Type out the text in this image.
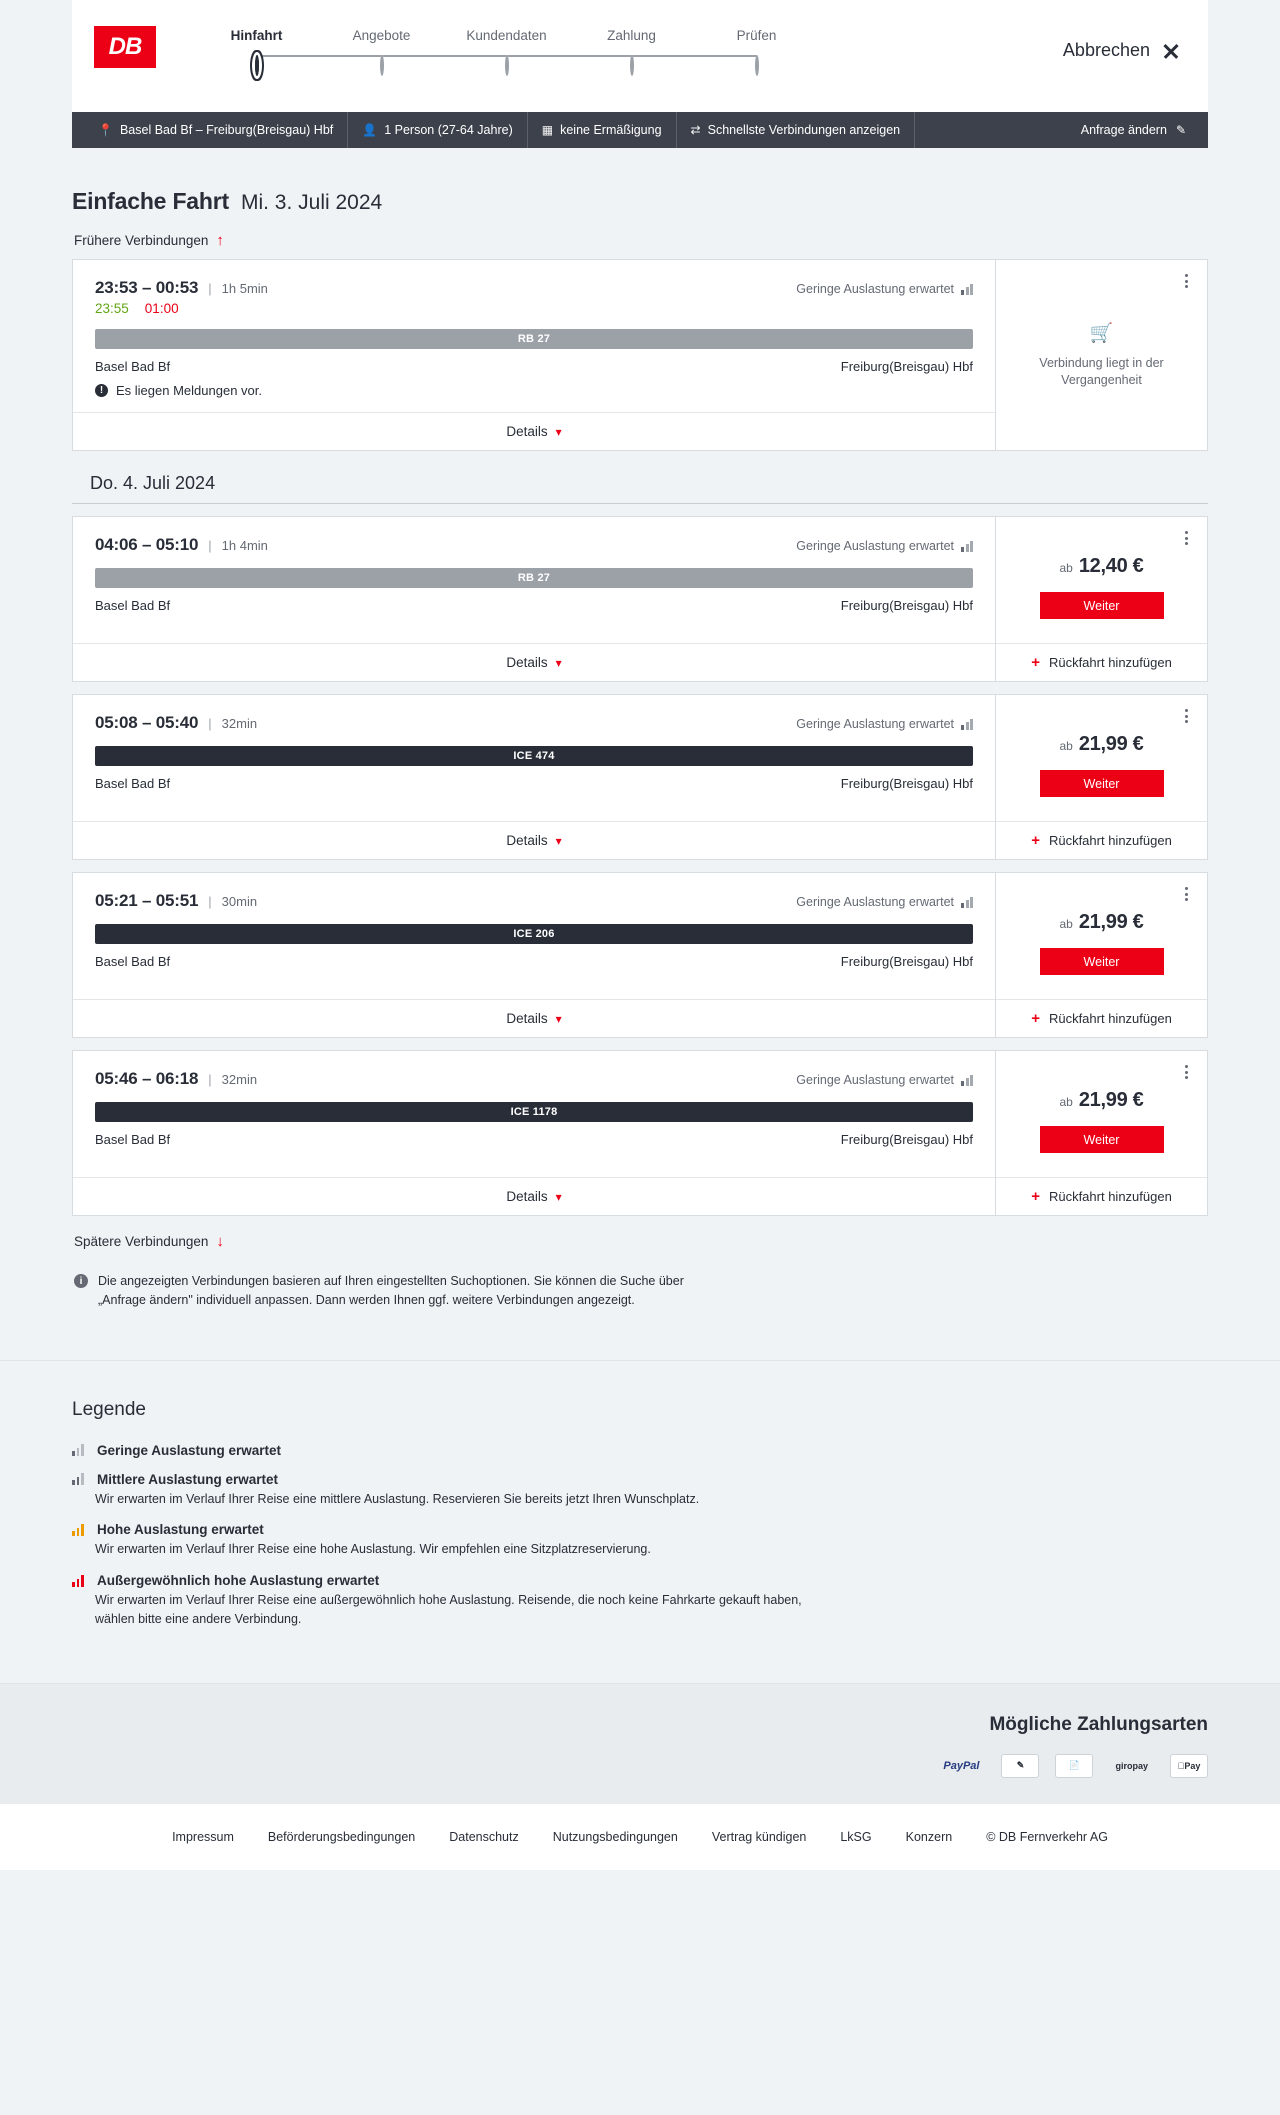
DB	Hinfahrt	Angebote	Kundendaten	Zahlung	Prüfen
Abbrechen
📍 Basel Bad Bf – Freiburg(Breisgau) Hbf 👤 1 Person (27-64 Jahre) ▦ keine Ermäßigung ⇄ Schnellste Verbindungen anzeigen	Anfrage ändern ✎
Einfache Fahrt Mi. 3. Juli 2024
Frühere Verbindungen ↑
23:53 – 00:53 | 1h 5min	Geringe Auslastung erwartet
23:55 01:00
RB 27
Basel Bad Bf	Freiburg(Breisgau) Hbf
! Es liegen Meldungen vor.
Details ▾
🛒
Verbindung liegt in der Vergangenheit
Do. 4. Juli 2024
04:06 – 05:10 | 1h 4min	Geringe Auslastung erwartet
RB 27
Basel Bad Bf	Freiburg(Breisgau) Hbf
Details ▾
ab 12,40 €
Weiter
+ Rückfahrt hinzufügen
05:08 – 05:40 | 32min	Geringe Auslastung erwartet
ICE 474
Basel Bad Bf	Freiburg(Breisgau) Hbf
Details ▾
ab 21,99 €
Weiter
+ Rückfahrt hinzufügen
05:21 – 05:51 | 30min	Geringe Auslastung erwartet
ICE 206
Basel Bad Bf	Freiburg(Breisgau) Hbf
Details ▾
ab 21,99 €
Weiter
+ Rückfahrt hinzufügen
05:46 – 06:18 | 32min	Geringe Auslastung erwartet
ICE 1178
Basel Bad Bf	Freiburg(Breisgau) Hbf
Details ▾
ab 21,99 €
Weiter
+ Rückfahrt hinzufügen
Spätere Verbindungen ↓
i	Die angezeigten Verbindungen basieren auf Ihren eingestellten Suchoptionen. Sie können die Suche über „Anfrage ändern" individuell anpassen. Dann werden Ihnen ggf. weitere Verbindungen angezeigt.
Legende
Geringe Auslastung erwartet
Mittlere Auslastung erwartet
Wir erwarten im Verlauf Ihrer Reise eine mittlere Auslastung. Reservieren Sie bereits jetzt Ihren Wunschplatz.
Hohe Auslastung erwartet
Wir erwarten im Verlauf Ihrer Reise eine hohe Auslastung. Wir empfehlen eine Sitzplatzreservierung.
Außergewöhnlich hohe Auslastung erwartet
Wir erwarten im Verlauf Ihrer Reise eine außergewöhnlich hohe Auslastung. Reisende, die noch keine Fahrkarte gekauft haben, wählen bitte eine andere Verbindung.
Mögliche Zahlungsarten
PayPal	✎	📄	giropay	Pay
Impressum	Beförderungsbedingungen	Datenschutz	Nutzungsbedingungen	Vertrag kündigen	LkSG	Konzern	© DB Fernverkehr AG
